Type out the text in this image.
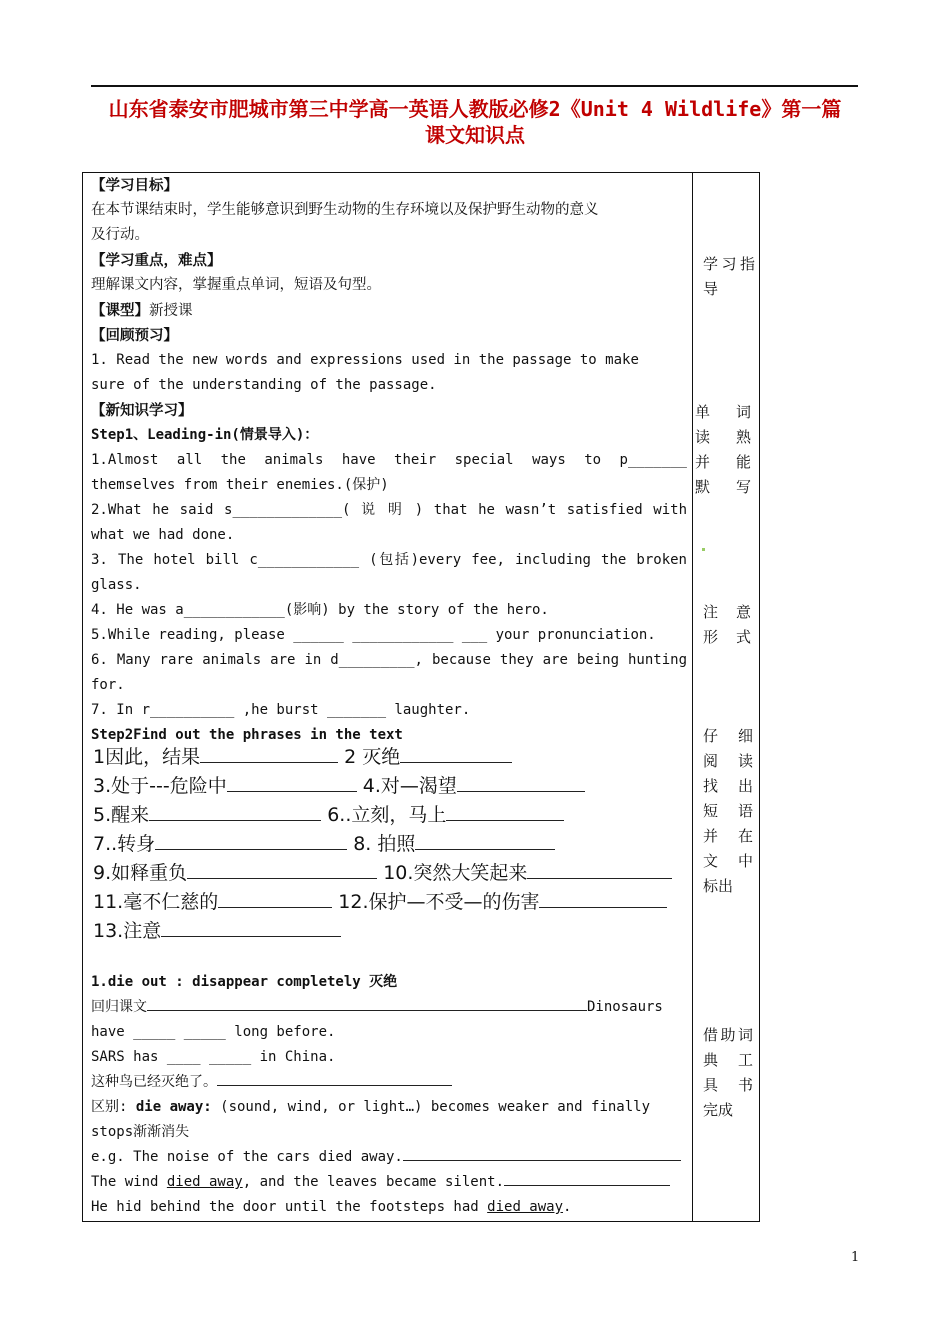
山东省泰安市肥城市第三中学高一英语人教版必修2《Unit 4 Wildlife》第一篇
课文知识点
【学习目标】
在本节课结束时，学生能够意识到野生动物的生存环境以及保护野生动物的意义
及行动。
【学习重点，难点】
理解课文内容，掌握重点单词，短语及句型。
【课型】新授课
【回顾预习】
1. Read the new words and expressions used in the passage to make
sure of the understanding of the passage.
【新知识学习】
Step1、Leading-in(情景导入)：
1.Almost all the animals have their special ways to p_______
themselves from their enemies.(保护)
2.What he said s_____________( 说 明 ) that he wasn’t satisfied with
what we had done.
3. The hotel bill c____________ (包括)every fee, including the broken
glass.
4. He was a____________(影响) by the story of the hero.
5.While reading, please ______ ____________ ___ your pronunciation.
6. Many rare animals are in d_________, because they are being hunting
for.
7. In r__________ ,he burst _______ laughter.
Step2Find out the phrases in the text
1因此，结果	2 灭绝
3.处于---危险中	4.对—渴望
5.醒来	6..立刻，马上
7..转身	8. 拍照
9.如释重负	10.突然大笑起来
11.毫不仁慈的	12.保护—不受—的伤害
13.注意
1.die out : disappear completely 灭绝
回归课文	Dinosaurs
have _____ _____ long before.
SARS has ____ _____ in China.
这种鸟已经灭绝了。
区别: die away: (sound, wind, or light…) becomes weaker and finally
stops渐渐消失
e.g. The noise of the cars died away.
The wind died away, and the leaves became silent.
He hid behind the door until the footsteps had died away.
学习指
导
单 词
读 熟
并 能
默 写
注 意
形 式
仔 细
阅 读
找 出
短 语
并 在
文 中
标出
借助词
典 工
具 书
完成
1
